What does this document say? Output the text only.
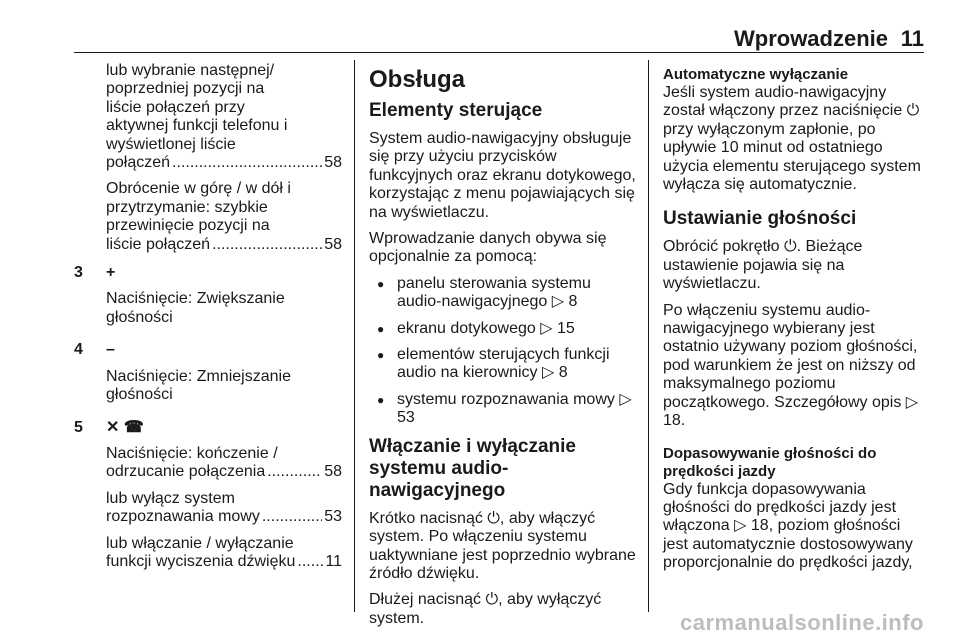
Wprowadzenie 11
lub wybranie następnej/
poprzedniej pozycji na
liście połączeń przy
aktywnej funkcji telefonu i
wyświetlonej liście
połączeń .....	58
Obrócenie w górę / w dół i
przytrzymanie: szybkie
przewinięcie pozycji na
liście połączeń .....	58
3	+

Naciśnięcie: Zwiększanie głośności

4	–

Naciśnięcie: Zmniejszanie głośności

5	✕ ☎
Naciśnięcie: kończenie /
odrzucanie połączenia .....	58
lub wyłącz system
rozpoznawania mowy .....	53
lub włączanie / wyłączanie
funkcji wyciszenia dźwięku ..... 11
Obsługa
Elementy sterujące

System audio-nawigacyjny obsługuje się przy użyciu przycisków funkcyjnych oraz ekranu dotykowego, korzystając z menu pojawiających się na wyświetlaczu.

Wprowadzanie danych obywa się opcjonalnie za pomocą:

● panelu sterowania systemu audio-nawigacyjnego ▷ 8
● ekranu dotykowego ▷ 15
● elementów sterujących funkcji audio na kierownicy ▷ 8
● systemu rozpoznawania mowy ▷ 53
Włączanie i wyłączanie systemu audio-nawigacyjnego

Krótko nacisnąć ⏻, aby włączyć system. Po włączeniu systemu uaktywniane jest poprzednio wybrane źródło dźwięku.

Dłużej nacisnąć ⏻, aby wyłączyć system.

Automatyczne wyłączanie

Jeśli system audio-nawigacyjny został włączony przez naciśnięcie ⏻ przy wyłączonym zapłonie, po upływie 10 minut od ostatniego użycia elementu sterującego system wyłącza się automatycznie.

Ustawianie głośności

Obrócić pokrętło ⏻. Bieżące ustawienie pojawia się na wyświetlaczu.

Po włączeniu systemu audio-nawigacyjnego wybierany jest ostatnio używany poziom głośności, pod warunkiem że jest on niższy od maksymalnego poziomu początkowego. Szczegółowy opis ▷ 18.

Dopasowywanie głośności do prędkości jazdy

Gdy funkcja dopasowywania głośności do prędkości jazdy jest włączona ▷ 18, poziom głośności jest automatycznie dostosowywany proporcjonalnie do prędkości jazdy,

carmanualsonline.info
